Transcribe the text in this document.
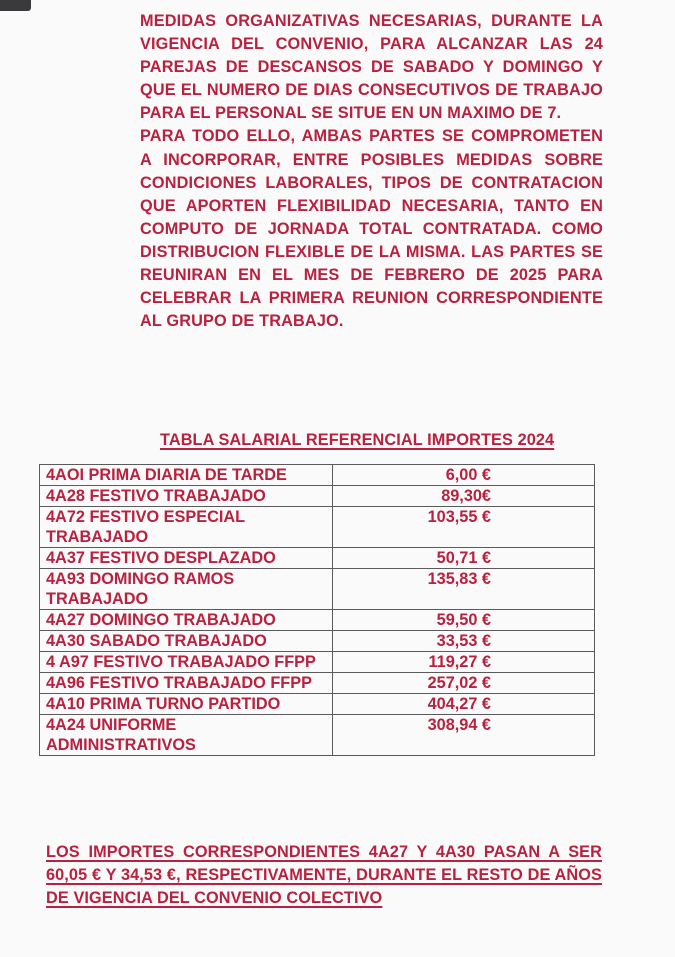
MEDIDAS ORGANIZATIVAS NECESARIAS, DURANTE LA VIGENCIA DEL CONVENIO, PARA ALCANZAR LAS 24 PAREJAS DE DESCANSOS DE SABADO Y DOMINGO Y QUE EL NUMERO DE DIAS CONSECUTIVOS DE TRABAJO PARA EL PERSONAL SE SITUE EN UN MAXIMO DE 7.

PARA TODO ELLO, AMBAS PARTES SE COMPROMETEN A INCORPORAR, ENTRE POSIBLES MEDIDAS SOBRE CONDICIONES LABORALES, TIPOS DE CONTRATACION QUE APORTEN FLEXIBILIDAD NECESARIA, TANTO EN COMPUTO DE JORNADA TOTAL CONTRATADA. COMO DISTRIBUCION FLEXIBLE DE LA MISMA. LAS PARTES SE REUNIRAN EN EL MES DE FEBRERO DE 2025 PARA CELEBRAR LA PRIMERA REUNION CORRESPONDIENTE AL GRUPO DE TRABAJO.

TABLA SALARIAL REFERENCIAL IMPORTES 2024
4AOI PRIMA DIARIA DE TARDE	6,00 €
4A28 FESTIVO TRABAJADO	89,30€
4A72 FESTIVO ESPECIAL TRABAJADO	103,55 €
4A37 FESTIVO DESPLAZADO	50,71 €
4A93 DOMINGO RAMOS TRABAJADO	135,83 €
4A27 DOMINGO TRABAJADO	59,50 €
4A30 SABADO TRABAJADO	33,53 €
4 A97 FESTIVO TRABAJADO FFPP	119,27 €
4A96 FESTIVO TRABAJADO FFPP	257,02 €
4A10 PRIMA TURNO PARTIDO	404,27 €
4A24 UNIFORME ADMINISTRATIVOS	308,94 €

LOS IMPORTES CORRESPONDIENTES 4A27 Y 4A30 PASAN A SER 60,05 € Y 34,53 €, RESPECTIVAMENTE, DURANTE EL RESTO DE AÑOS DE VIGENCIA DEL CONVENIO COLECTIVO
